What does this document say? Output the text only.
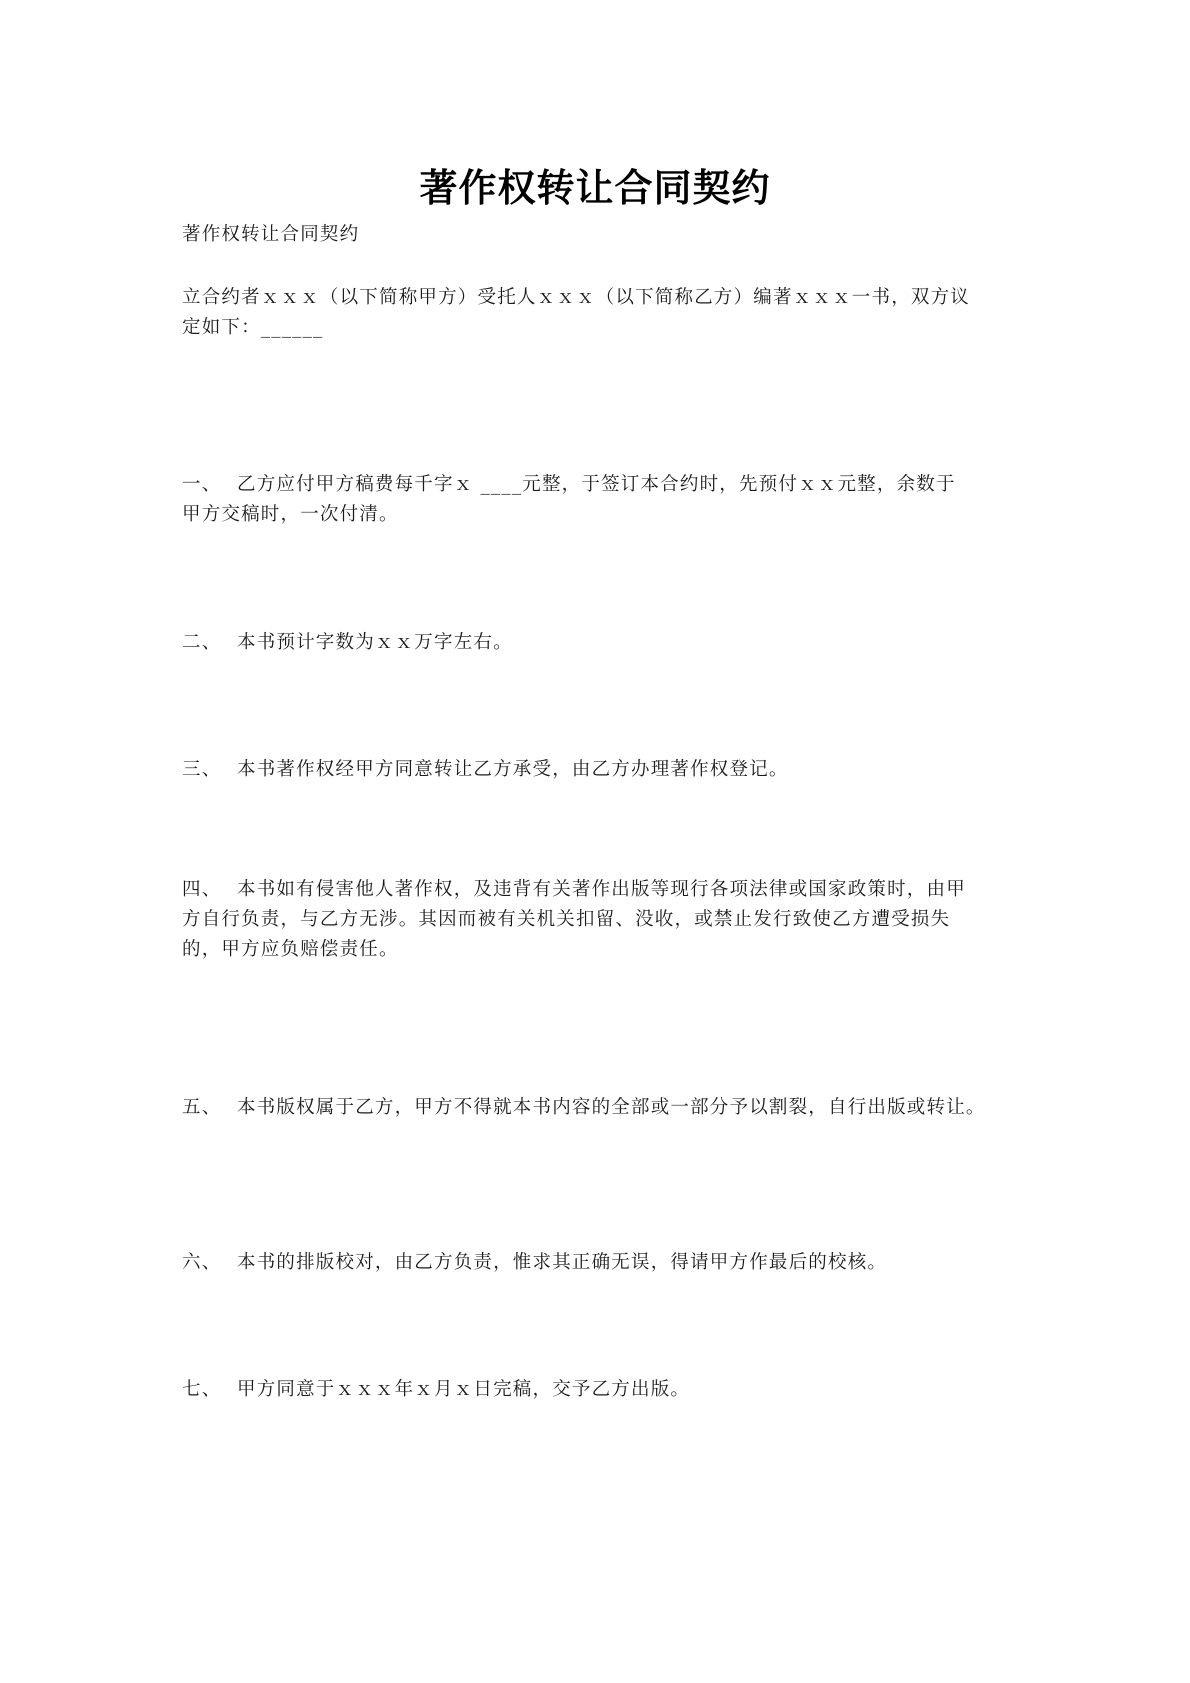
著作权转让合同契约
著作权转让合同契约
立合约者ｘｘｘ（以下简称甲方）受托人ｘｘｘ（以下简称乙方）编著ｘｘｘ一书，双方议
定如下：______
一、 乙方应付甲方稿费每千字ｘ ____元整，于签订本合约时，先预付ｘｘ元整，余数于
甲方交稿时，一次付清。
二、 本书预计字数为ｘｘ万字左右。
三、 本书著作权经甲方同意转让乙方承受，由乙方办理著作权登记。
四、 本书如有侵害他人著作权，及违背有关著作出版等现行各项法律或国家政策时，由甲
方自行负责，与乙方无涉。其因而被有关机关扣留、没收，或禁止发行致使乙方遭受损失
的，甲方应负赔偿责任。
五、 本书版权属于乙方，甲方不得就本书内容的全部或一部分予以割裂，自行出版或转让。
六、 本书的排版校对，由乙方负责，惟求其正确无误，得请甲方作最后的校核。
七、 甲方同意于ｘｘｘ年ｘ月ｘ日完稿，交予乙方出版。
